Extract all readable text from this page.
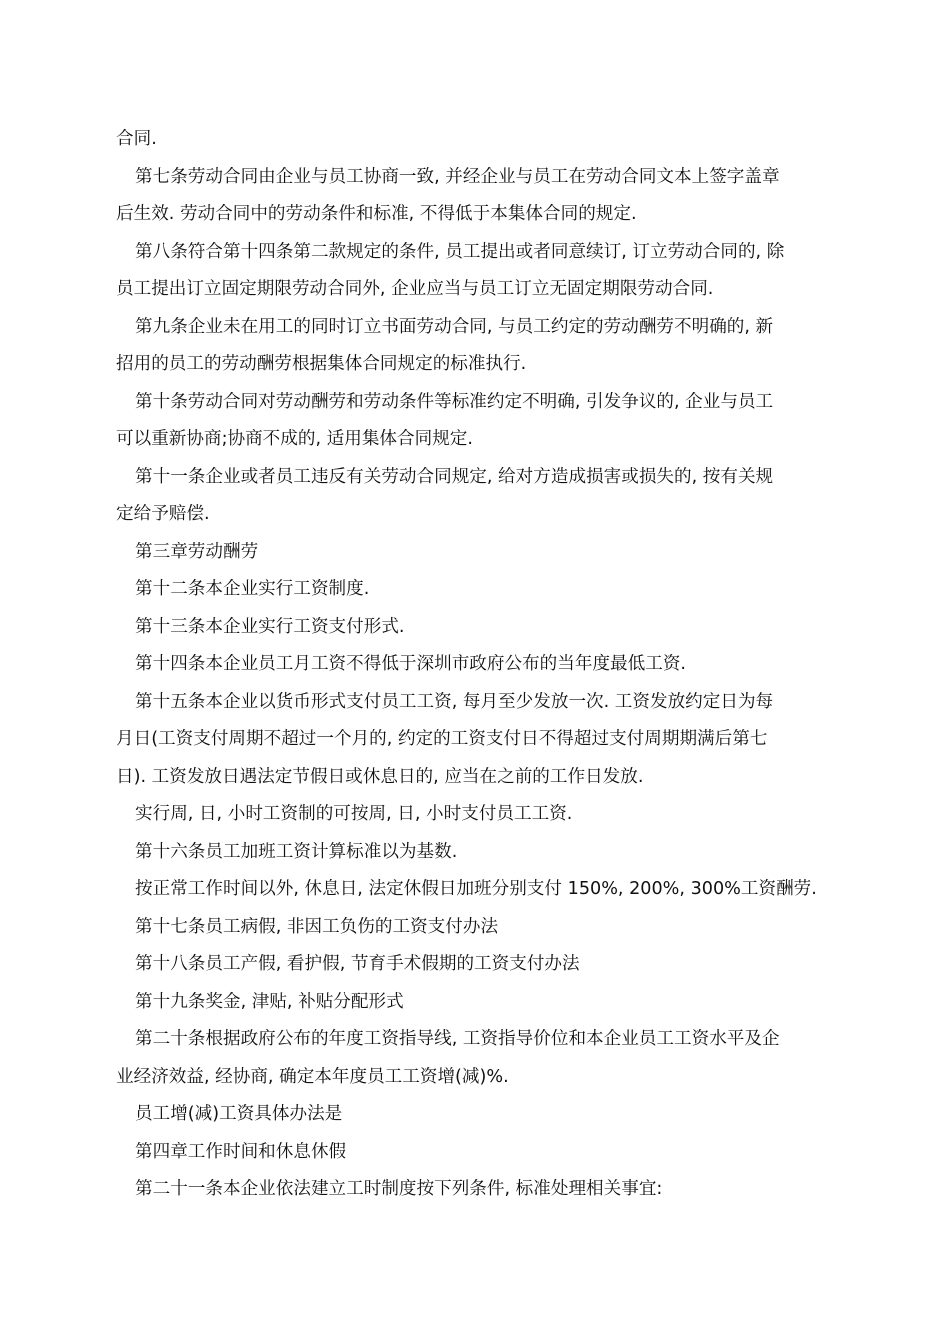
合同.
第七条劳动合同由企业与员工协商一致, 并经企业与员工在劳动合同文本上签字盖章
后生效. 劳动合同中的劳动条件和标准, 不得低于本集体合同的规定.
第八条符合第十四条第二款规定的条件, 员工提出或者同意续订, 订立劳动合同的, 除
员工提出订立固定期限劳动合同外, 企业应当与员工订立无固定期限劳动合同.
第九条企业未在用工的同时订立书面劳动合同, 与员工约定的劳动酬劳不明确的, 新
招用的员工的劳动酬劳根据集体合同规定的标准执行.
第十条劳动合同对劳动酬劳和劳动条件等标准约定不明确, 引发争议的, 企业与员工
可以重新协商;协商不成的, 适用集体合同规定.
第十一条企业或者员工违反有关劳动合同规定, 给对方造成损害或损失的, 按有关规
定给予赔偿.
第三章劳动酬劳
第十二条本企业实行工资制度.
第十三条本企业实行工资支付形式.
第十四条本企业员工月工资不得低于深圳市政府公布的当年度最低工资.
第十五条本企业以货币形式支付员工工资, 每月至少发放一次. 工资发放约定日为每
月日(工资支付周期不超过一个月的, 约定的工资支付日不得超过支付周期期满后第七
日). 工资发放日遇法定节假日或休息日的, 应当在之前的工作日发放.
实行周, 日, 小时工资制的可按周, 日, 小时支付员工工资.
第十六条员工加班工资计算标准以为基数.
按正常工作时间以外, 休息日, 法定休假日加班分别支付 150%, 200%, 300%工资酬劳.
第十七条员工病假, 非因工负伤的工资支付办法
第十八条员工产假, 看护假, 节育手术假期的工资支付办法
第十九条奖金, 津贴, 补贴分配形式
第二十条根据政府公布的年度工资指导线, 工资指导价位和本企业员工工资水平及企
业经济效益, 经协商, 确定本年度员工工资增(减)%.
员工增(减)工资具体办法是
第四章工作时间和休息休假
第二十一条本企业依法建立工时制度按下列条件, 标准处理相关事宜:
